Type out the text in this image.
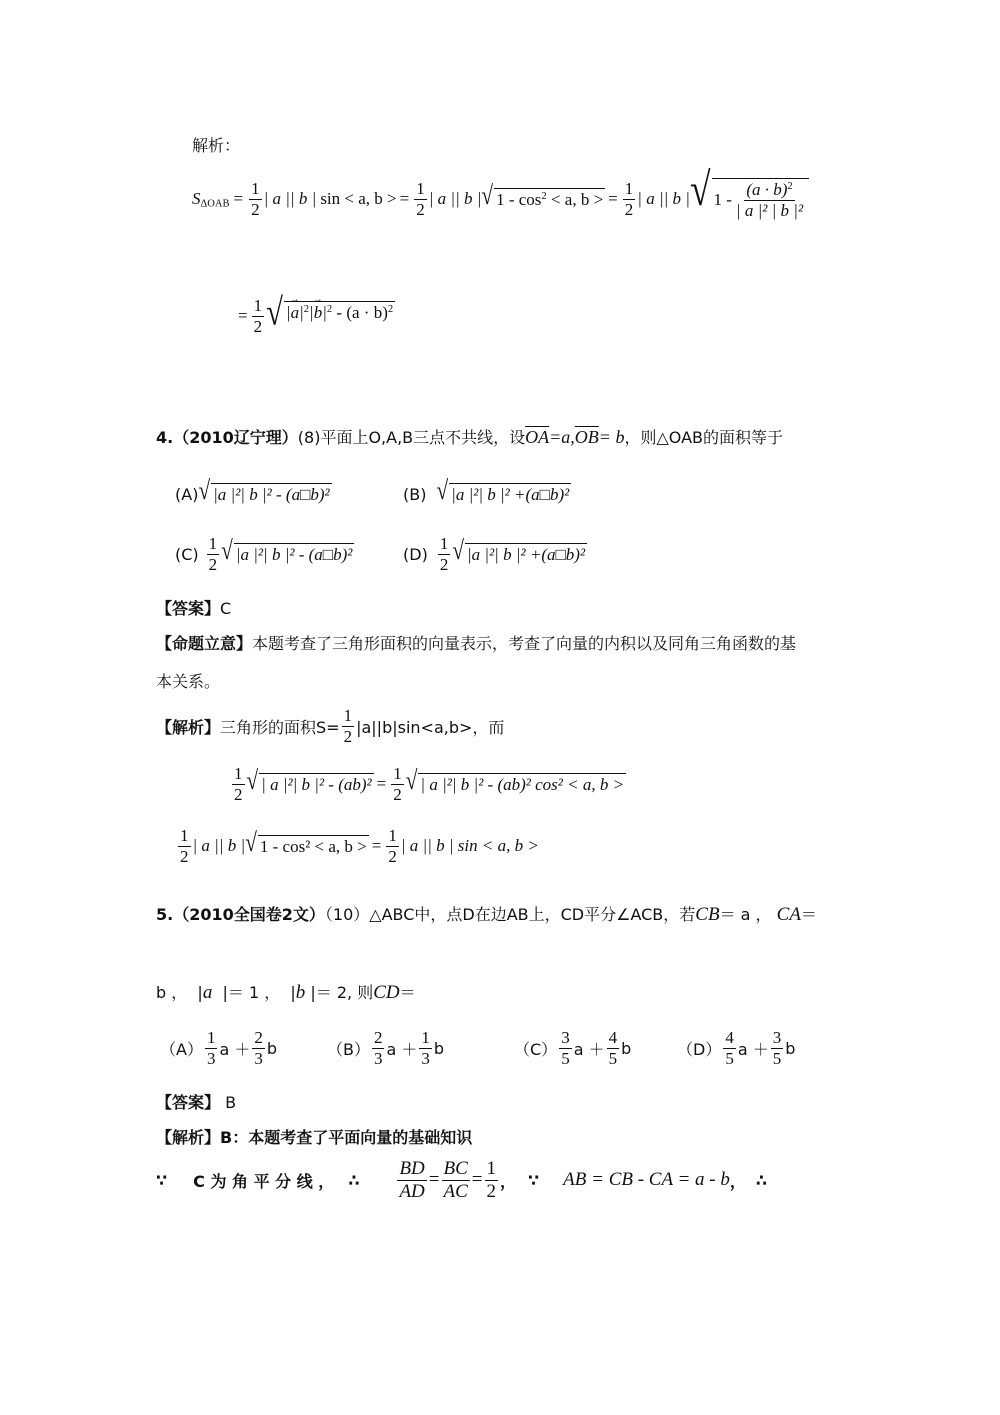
解析：
$S_{\Delta OAB} = \frac{1}{2}$ | a || b | sin < a, b > = $\frac{1}{2}$ | a || b | √ $1 - \cos^2 < a$, b > = $\frac{1}{2}$ | a || b | √ $1 - \frac{(a \cdot b)^2}{\text{| a |² | b |²}}$
= $\frac{1}{2}$ √ |→ $a|^2|\to b|^2 - (a \cdot b)^2$
4.（2010辽宁理）(8)平面上O,A,B三点不共线，设$\overline{OA}=a,\overline{OB}= b$，则△OAB的面积等于
(A) √ |a |²| b |² - (a□b)²	(B) √ |a |²| b |² +(a□b)²
$(C) \frac{1}{2}$ √ |a |²| b |² - (a□b)²	$(D) \frac{1}{2}$ √ |a |²| b |² +(a□b)²
【答案】C
【命题立意】本题考查了三角形面积的向量表示，考查了向量的内积以及同角三角函数的基
本关系。
【解析】 三角形的面积$S= \frac{1}{2} |a||b|\sin<a,b>$，而
$\frac{1}{2}$ √ | a |²| b $|^2 - (ab)^2 = \frac{1}{2}$ √ | a |²| b |² - (ab)² cos² < a, b >
$\frac{1}{2}$ | a || b | √ 1 - cos² < a, b > = $\frac{1}{2}$ | a || b | sin < a, b >
5.（2010全国卷2文）（10）△ABC中，点D在边AB上，CD平分∠ACB，若CB＝ a ， CA＝
b ，  |a  |＝ 1 ，  |b |＝ 2, 则CD＝
$(A) \frac{1}{3}$ $a + \frac{2}{3}$ b	$(B) \frac{2}{3}$ $a + \frac{1}{3}$ b	$(C) \frac{3}{5}$ $a + \frac{4}{5}$ b	$(D) \frac{4}{5}$ $a + \frac{3}{5}$ b
【答案】 B
【解析】B：本题考查了平面向量的基础知识
∵ C 为 角 平 分 线 ， ∴ $\frac{BD}{AD} = \frac{BC}{AC} = \frac{1}{2}$ ， ∵ AB = CB - CA = a - b ， ∴
